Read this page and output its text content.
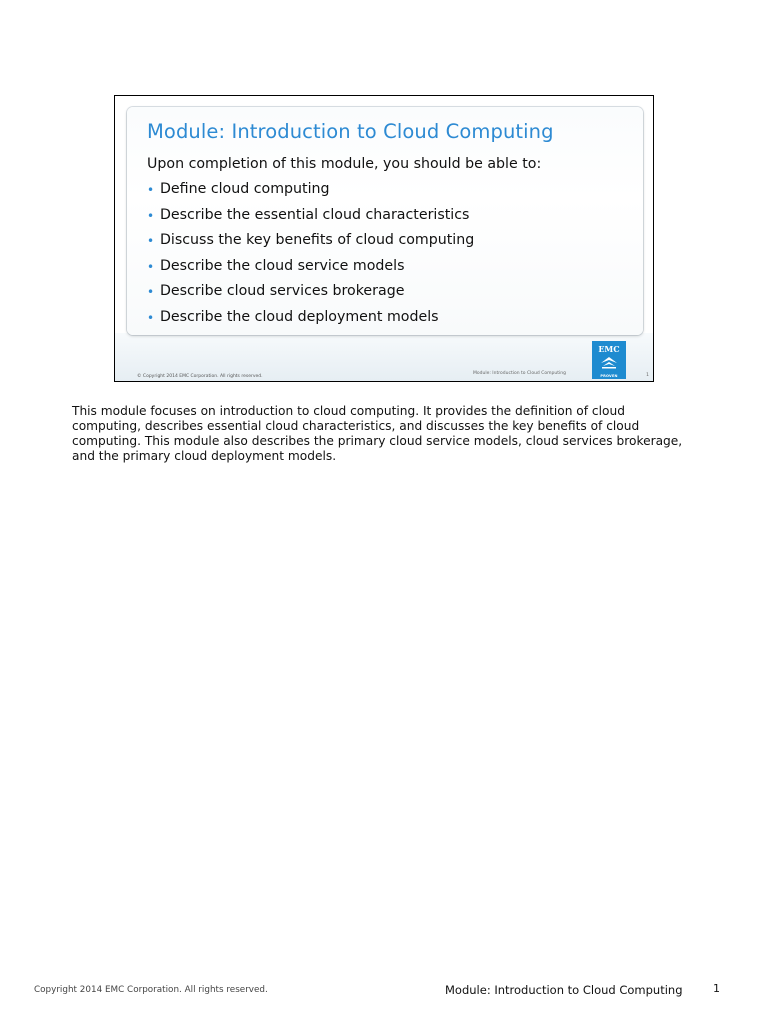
Module: Introduction to Cloud Computing
Upon completion of this module, you should be able to:
• Define cloud computing
• Describe the essential cloud characteristics
• Discuss the key benefits of cloud computing
• Describe the cloud service models
• Describe cloud services brokerage
• Describe the cloud deployment models
© Copyright 2014 EMC Corporation. All rights reserved.
Module: Introduction to Cloud Computing	1
EMC
PROVEN
This module focuses on introduction to cloud computing. It provides the definition of cloud computing, describes essential cloud characteristics, and discusses the key benefits of cloud computing. This module also describes the primary cloud service models, cloud services brokerage, and the primary cloud deployment models.
Copyright 2014 EMC Corporation. All rights reserved.	Module: Introduction to Cloud Computing	1
